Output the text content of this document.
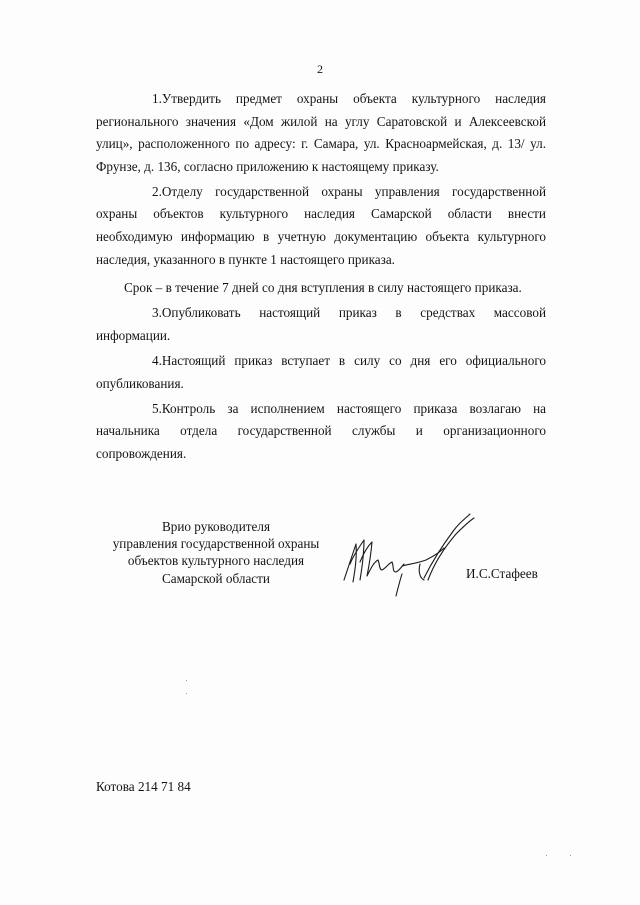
2

1.Утвердить предмет охраны объекта культурного наследия регионального значения «Дом жилой на углу Саратовской и Алексеевской улиц», расположенного по адресу: г. Самара, ул. Красноармейская, д. 13/ ул. Фрунзе, д. 136, согласно приложению к настоящему приказу.

2.Отделу государственной охраны управления государственной охраны объектов культурного наследия Самарской области внести необходимую информацию в учетную документацию объекта культурного наследия, указанного в пункте 1 настоящего приказа.

Срок – в течение 7 дней со дня вступления в силу настоящего приказа.

3.Опубликовать настоящий приказ в средствах массовой информации.

4.Настоящий приказ вступает в силу со дня его официального опубликования.

5.Контроль за исполнением настоящего приказа возлагаю на начальника отдела государственной службы и организационного сопровождения.

Врио руководителя
управления государственной охраны
объектов культурного наследия
Самарской области	И.С.Стафеев
Котова 214 71 84
